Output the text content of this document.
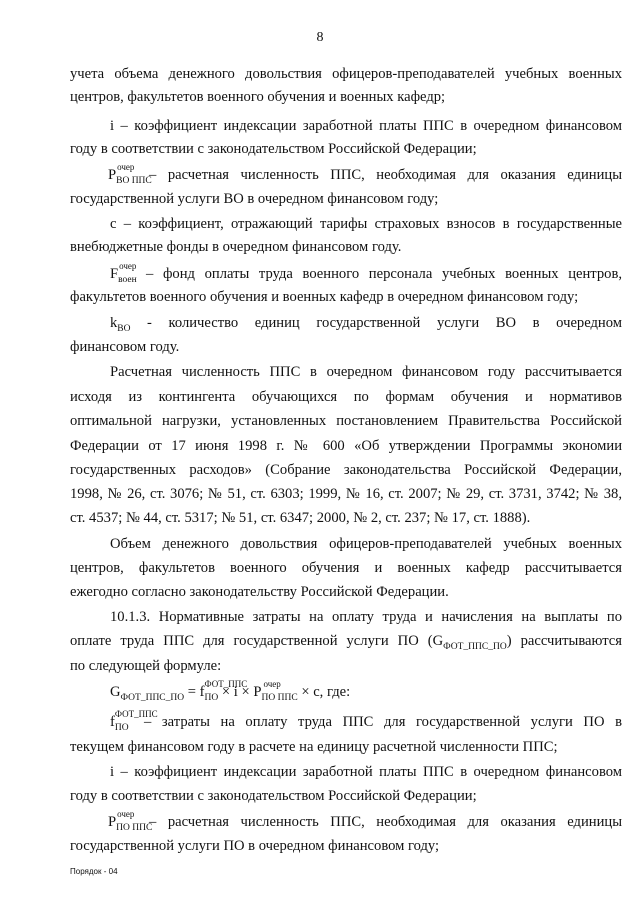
8
учета объема денежного довольствия офицеров-преподавателей учебных военных
центров, факультетов военного обучения и военных кафедр;
i – коэффициент индексации заработной платы ППС в очередном финансовом
году в соответствии с законодательством Российской Федерации;
– расчетная численность ППС, необходимая для оказания единицы
государственной услуги ВО в очередном финансовом году;
c – коэффициент, отражающий тарифы страховых взносов в государственные
внебюджетные фонды в очередном финансовом году.
– фонд оплаты труда военного персонала учебных военных центров,
факультетов военного обучения и военных кафедр в очередном финансовом году;
- количество единиц государственной услуги ВО в очередном
финансовом году.
Расчетная численность ППС в очередном финансовом году рассчитывается
исходя из контингента обучающихся по формам обучения и нормативов
оптимальной нагрузки, установленных постановлением Правительства Российской
Федерации от 17 июня 1998 г. № 600 «Об утверждении Программы экономии
государственных расходов» (Собрание законодательства Российской Федерации,
1998, № 26, ст. 3076; № 51, ст. 6303; 1999, № 16, ст. 2007; № 29, ст. 3731, 3742; № 38,
ст. 4537; № 44, ст. 5317; № 51, ст. 6347; 2000, № 2, ст. 237; № 17, ст. 1888).
Объем денежного довольствия офицеров-преподавателей учебных военных
центров, факультетов военного обучения и военных кафедр рассчитывается
ежегодно согласно законодательству Российской Федерации.
10.1.3. Нормативные затраты на оплату труда и начисления на выплаты по
по следующей формуле:
– затраты на оплату труда ППС для государственной услуги ПО в
текущем финансовом году в расчете на единицу расчетной численности ППС;
i – коэффициент индексации заработной платы ППС в очередном финансовом
году в соответствии с законодательством Российской Федерации;
– расчетная численность ППС, необходимая для оказания единицы
государственной услуги ПО в очередном финансовом году;
P очер
$_{ВО ППС}$
F очер
$_{воен}$
$k_{ВО}$
f ФОТ_ППС
$_{ПО}$
P очер
$_{ПО ППС}$
оплате труда ППС для государственной услуги ПО $(G_{ФОТ\_ППС\_ПО})$ рассчитываются
$G_{ФОТ\_ППС\_ПО} = f$ ФОТ_ППС
$_{ПО}$ × i × P очер
$_{ПО ППС}$ × c, где:
Порядок - 04
